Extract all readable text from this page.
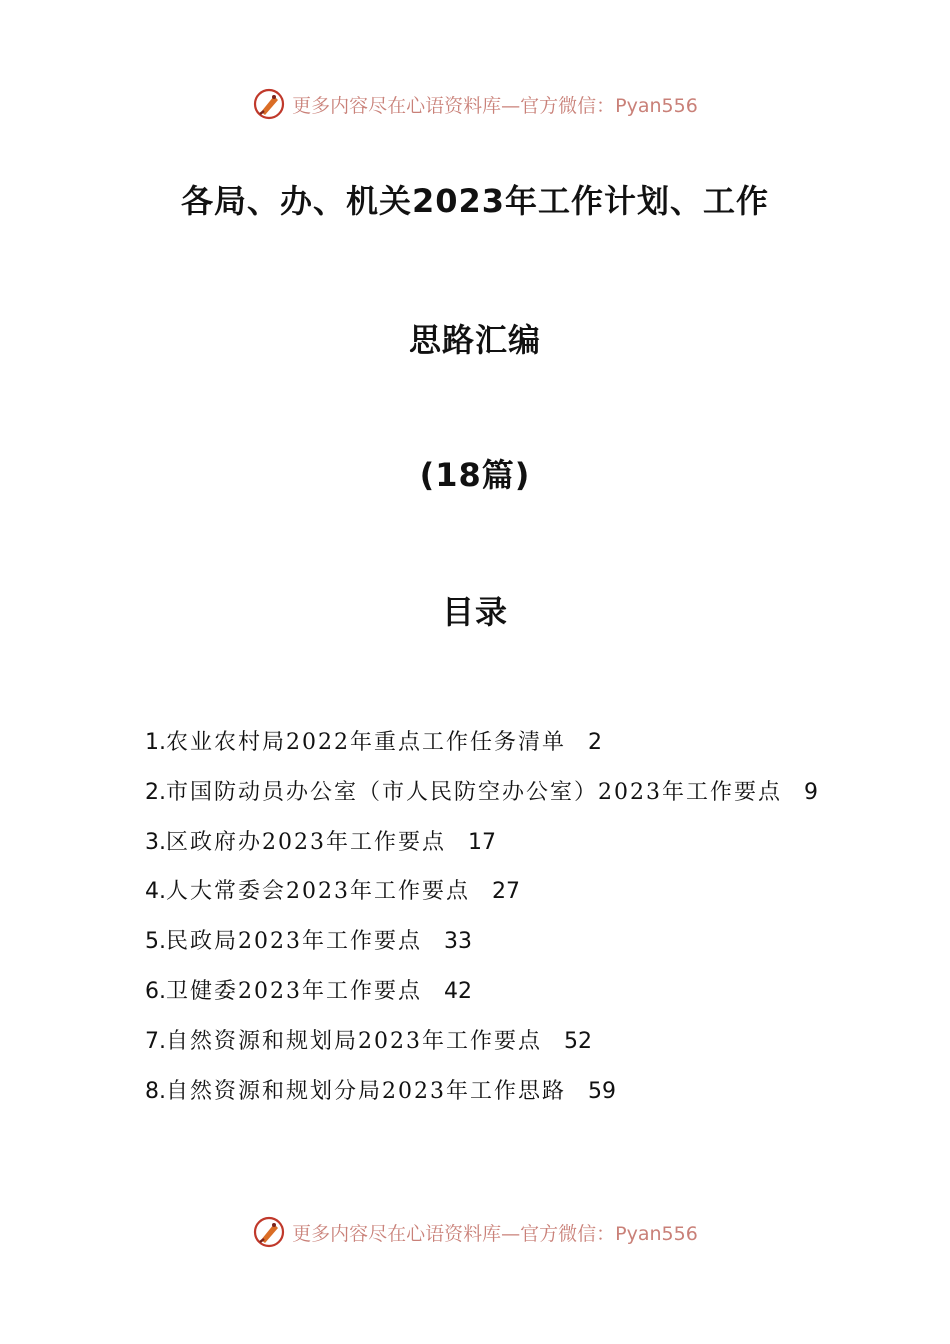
更多内容尽在心语资料库—官方微信：Pyan556
各局、办、机关2023年工作计划、工作
思路汇编
(18篇)
目录
1.农业农村局2022年重点工作任务清单 2
2.市国防动员办公室（市人民防空办公室）2023年工作要点 9
3.区政府办2023年工作要点 17
4.人大常委会2023年工作要点 27
5.民政局2023年工作要点 33
6.卫健委2023年工作要点 42
7.自然资源和规划局2023年工作要点 52
8.自然资源和规划分局2023年工作思路 59
更多内容尽在心语资料库—官方微信：Pyan556
